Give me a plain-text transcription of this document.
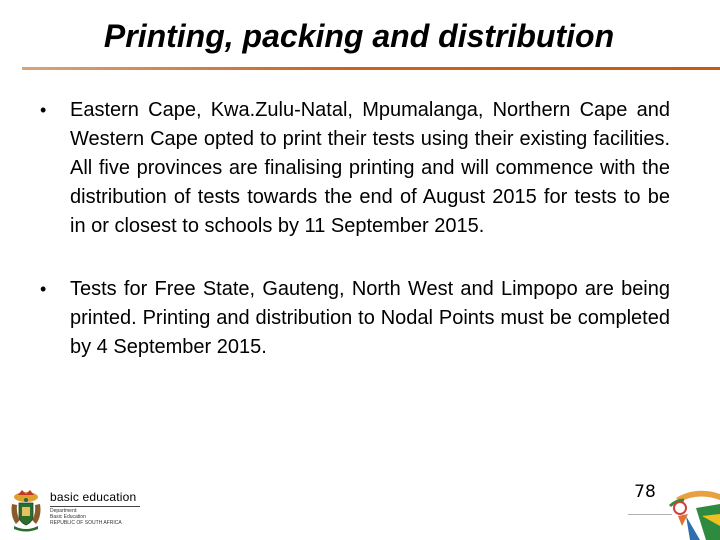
Printing, packing and distribution
• Eastern Cape, Kwa.Zulu-Natal, Mpumalanga, Northern Cape and Western Cape opted to print their tests using their existing facilities. All five provinces are finalising printing and will commence with the distribution of tests towards the end of August 2015 for tests to be in or closest to schools by 11 September 2015.
• Tests for Free State, Gauteng, North West and Limpopo are being printed. Printing and distribution to Nodal Points must be completed by 4 September 2015.
basic education
Department:
Basic Education
REPUBLIC OF SOUTH AFRICA
78
